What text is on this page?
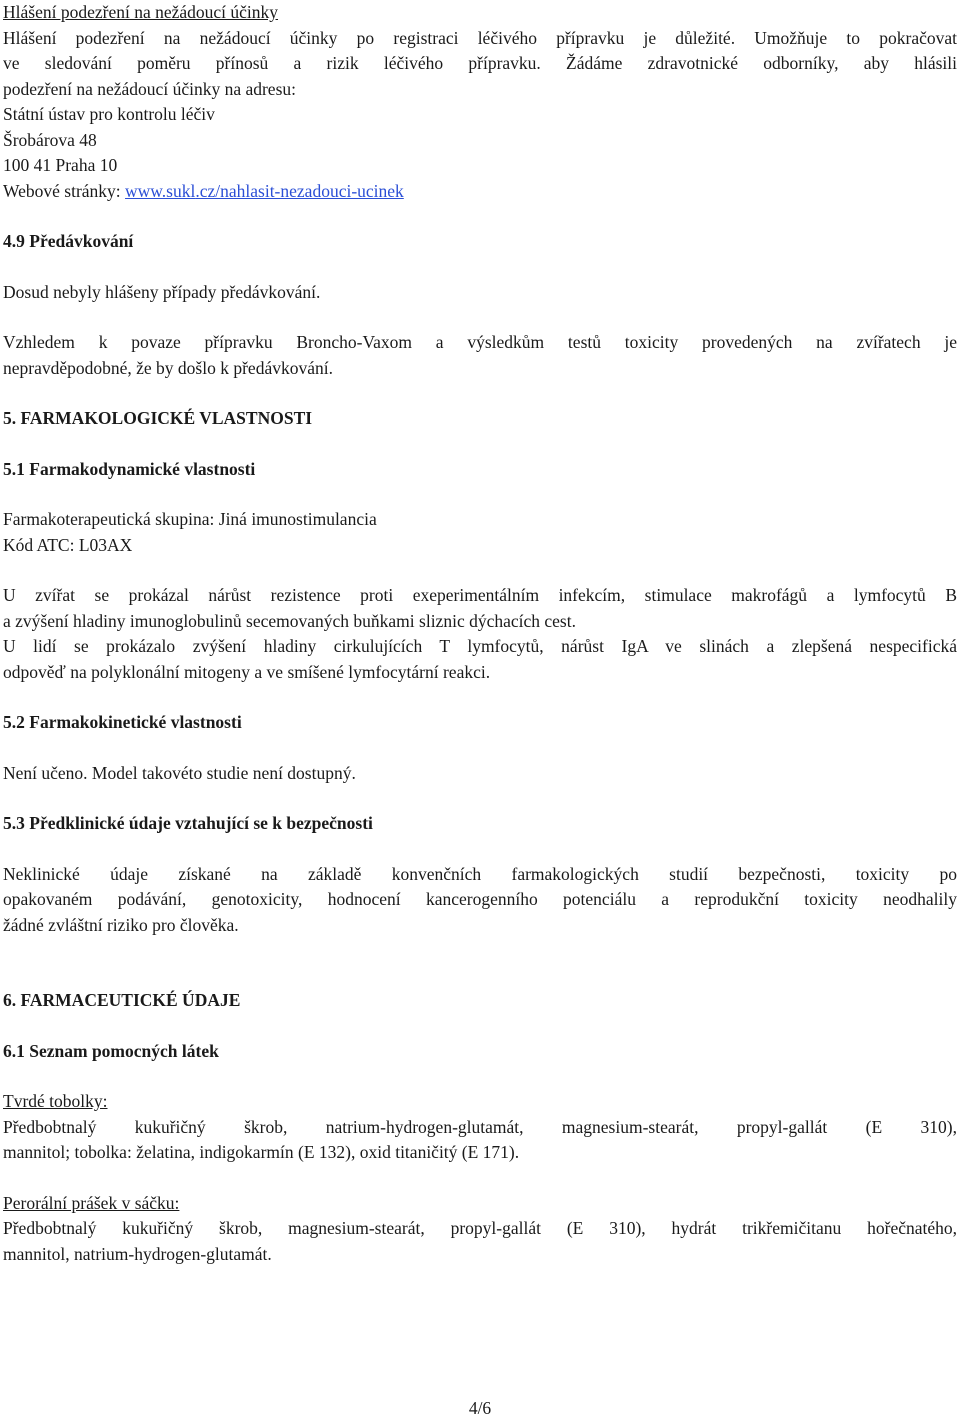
Hlášení podezření na nežádoucí účinky

Hlášení podezření na nežádoucí účinky po registraci léčivého přípravku je důležité. Umožňuje to pokračovat

ve sledování poměru přínosů a rizik léčivého přípravku. Žádáme zdravotnické odborníky, aby hlásili

podezření na nežádoucí účinky na adresu:

Státní ústav pro kontrolu léčiv

Šrobárova 48

100 41 Praha 10

Webové stránky: www.sukl.cz/nahlasit-nezadouci-ucinek

4.9 Předávkování

Dosud nebyly hlášeny případy předávkování.

Vzhledem k povaze přípravku Broncho-Vaxom a výsledkům testů toxicity provedených na zvířatech je

nepravděpodobné, že by došlo k předávkování.

5. FARMAKOLOGICKÉ VLASTNOSTI

5.1 Farmakodynamické vlastnosti

Farmakoterapeutická skupina: Jiná imunostimulancia

Kód ATC: L03AX

U zvířat se prokázal nárůst rezistence proti exeperimentálním infekcím, stimulace makrofágů a lymfocytů B

a zvýšení hladiny imunoglobulinů secemovaných buňkami sliznic dýchacích cest.

U lidí se prokázalo zvýšení hladiny cirkulujících T lymfocytů, nárůst IgA ve slinách a zlepšená nespecifická

odpověď na polyklonální mitogeny a ve smíšené lymfocytární reakci.

5.2 Farmakokinetické vlastnosti

Není učeno. Model takovéto studie není dostupný.

5.3 Předklinické údaje vztahující se k bezpečnosti

Neklinické údaje získané na základě konvenčních farmakologických studií bezpečnosti, toxicity po

opakovaném podávání, genotoxicity, hodnocení kancerogenního potenciálu a reprodukční toxicity neodhalily

žádné zvláštní riziko pro člověka.

6. FARMACEUTICKÉ ÚDAJE

6.1 Seznam pomocných látek

Tvrdé tobolky:

Předbobtnalý kukuřičný škrob, natrium-hydrogen-glutamát, magnesium-stearát, propyl-gallát (E 310),

mannitol; tobolka: želatina, indigokarmín (E 132), oxid titaničitý (E 171).

Perorální prášek v sáčku:

Předbobtnalý kukuřičný škrob, magnesium-stearát, propyl-gallát (E 310), hydrát trikřemičitanu hořečnatého,

mannitol, natrium-hydrogen-glutamát.

4/6
